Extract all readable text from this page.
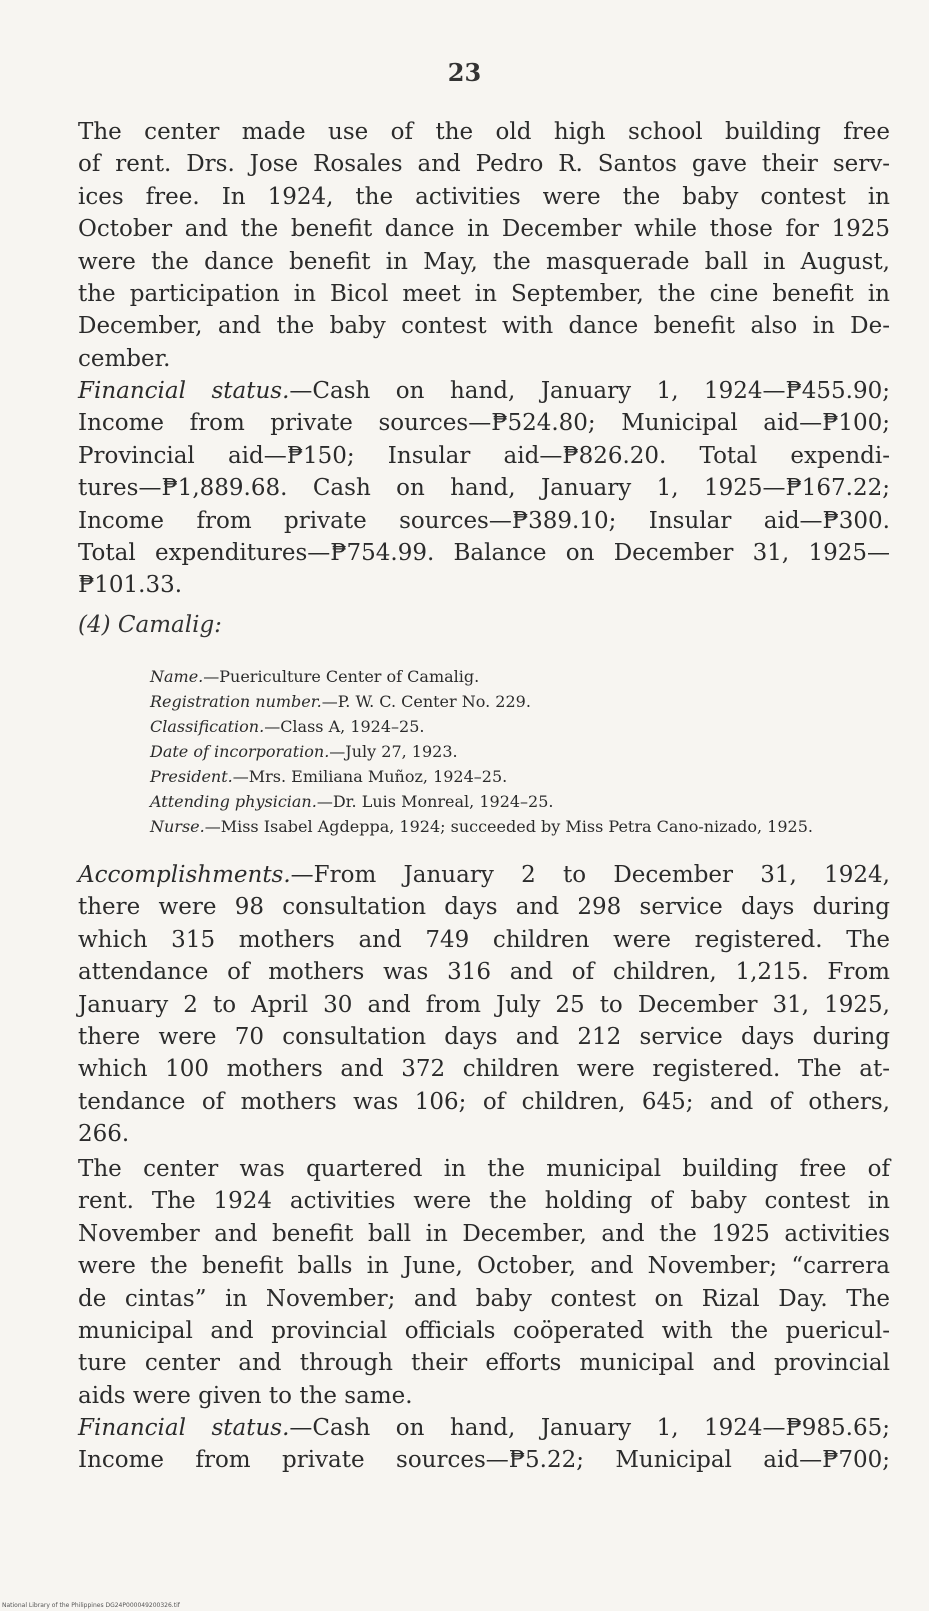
23
The center made use of the old high school building free
of rent. Drs. Jose Rosales and Pedro R. Santos gave their serv-
ices free. In 1924, the activities were the baby contest in
October and the benefit dance in December while those for 1925
were the dance benefit in May, the masquerade ball in August,
the participation in Bicol meet in September, the cine benefit in
December, and the baby contest with dance benefit also in De-
cember.
Financial status.—Cash on hand, January 1, 1924—₱455.90;
Income from private sources—₱524.80; Municipal aid—₱100;
Provincial aid—₱150; Insular aid—₱826.20. Total expendi-
tures—₱1,889.68. Cash on hand, January 1, 1925—₱167.22;
Income from private sources—₱389.10; Insular aid—₱300.
Total expenditures—₱754.99. Balance on December 31, 1925—
₱101.33.
(4) Camalig:
Name.—Puericulture Center of Camalig.
Registration number.—P. W. C. Center No. 229.
Classification.—Class A, 1924–25.
Date of incorporation.—July 27, 1923.
President.—Mrs. Emiliana Muñoz, 1924–25.
Attending physician.—Dr. Luis Monreal, 1924–25.
Nurse.—Miss Isabel Agdeppa, 1924; succeeded by Miss Petra Cano-nizado, 1925.
Accomplishments.—From January 2 to December 31, 1924,
there were 98 consultation days and 298 service days during
which 315 mothers and 749 children were registered. The
attendance of mothers was 316 and of children, 1,215. From
January 2 to April 30 and from July 25 to December 31, 1925,
there were 70 consultation days and 212 service days during
which 100 mothers and 372 children were registered. The at-
tendance of mothers was 106; of children, 645; and of others,
266.
The center was quartered in the municipal building free of
rent. The 1924 activities were the holding of baby contest in
November and benefit ball in December, and the 1925 activities
were the benefit balls in June, October, and November; “carrera
de cintas” in November; and baby contest on Rizal Day. The
municipal and provincial officials coöperated with the puericul-
ture center and through their efforts municipal and provincial
aids were given to the same.
Financial status.—Cash on hand, January 1, 1924—₱985.65;
Income from private sources—₱5.22; Municipal aid—₱700;
National Library of the Philippines DG24P000049200326.tif
